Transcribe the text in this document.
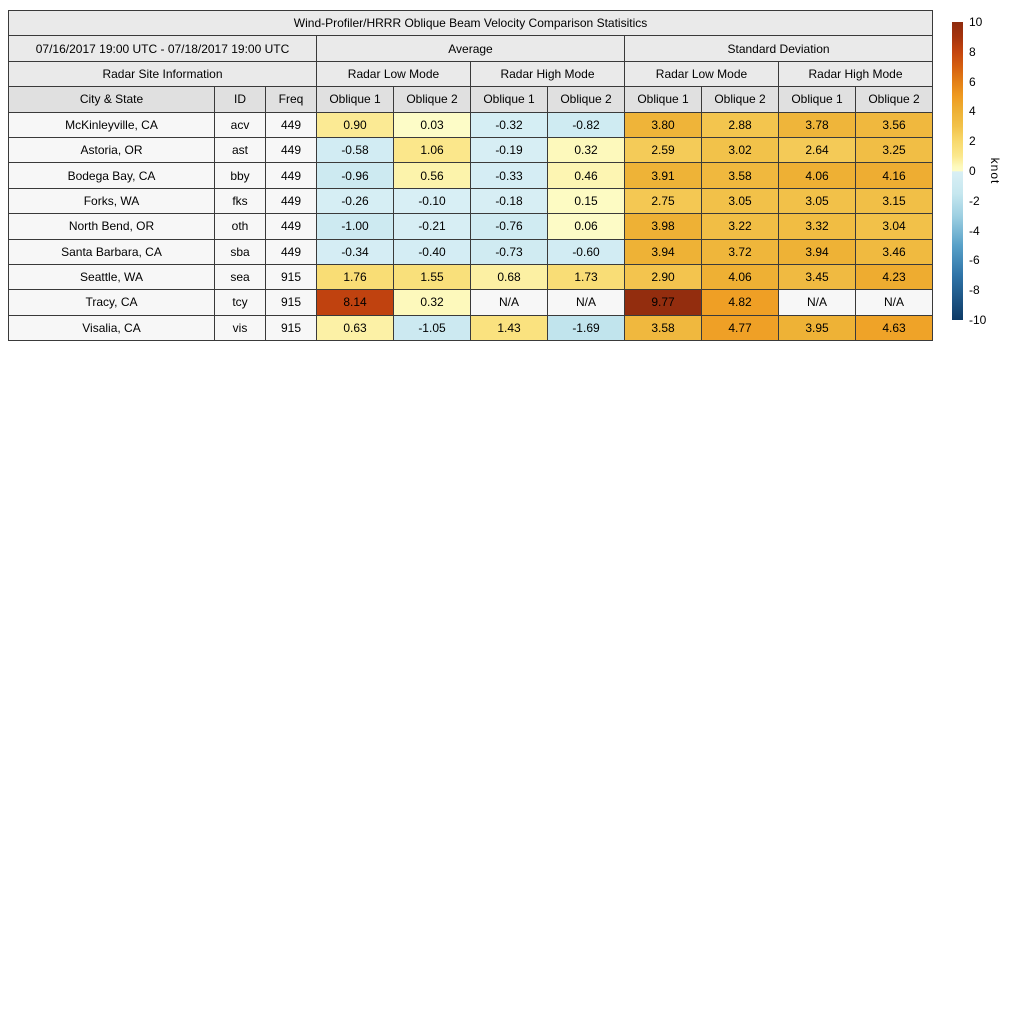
Wind-Profiler/HRRR Oblique Beam Velocity Comparison Statisitics										
07/16/2017 19:00 UTC - 07/18/2017 19:00 UTC			Average				Standard Deviation			
Radar Site Information			Radar Low Mode		Radar High Mode		Radar Low Mode		Radar High Mode	
City & State	ID	Freq	Oblique 1	Oblique 2	Oblique 1	Oblique 2	Oblique 1	Oblique 2	Oblique 1	Oblique 2
McKinleyville, CA	acv	449	0.90	0.03	-0.32	-0.82	3.80	2.88	3.78	3.56
Astoria, OR	ast	449	-0.58	1.06	-0.19	0.32	2.59	3.02	2.64	3.25
Bodega Bay, CA	bby	449	-0.96	0.56	-0.33	0.46	3.91	3.58	4.06	4.16
Forks, WA	fks	449	-0.26	-0.10	-0.18	0.15	2.75	3.05	3.05	3.15
North Bend, OR	oth	449	-1.00	-0.21	-0.76	0.06	3.98	3.22	3.32	3.04
Santa Barbara, CA	sba	449	-0.34	-0.40	-0.73	-0.60	3.94	3.72	3.94	3.46
Seattle, WA	sea	915	1.76	1.55	0.68	1.73	2.90	4.06	3.45	4.23
Tracy, CA	tcy	915	8.14	0.32	N/A	N/A	9.77	4.82	N/A	N/A
Visalia, CA	vis	915	0.63	-1.05	1.43	-1.69	3.58	4.77	3.95	4.63
knot
10
8
6
4
2
0
-2
-4
-6
-8
-10
